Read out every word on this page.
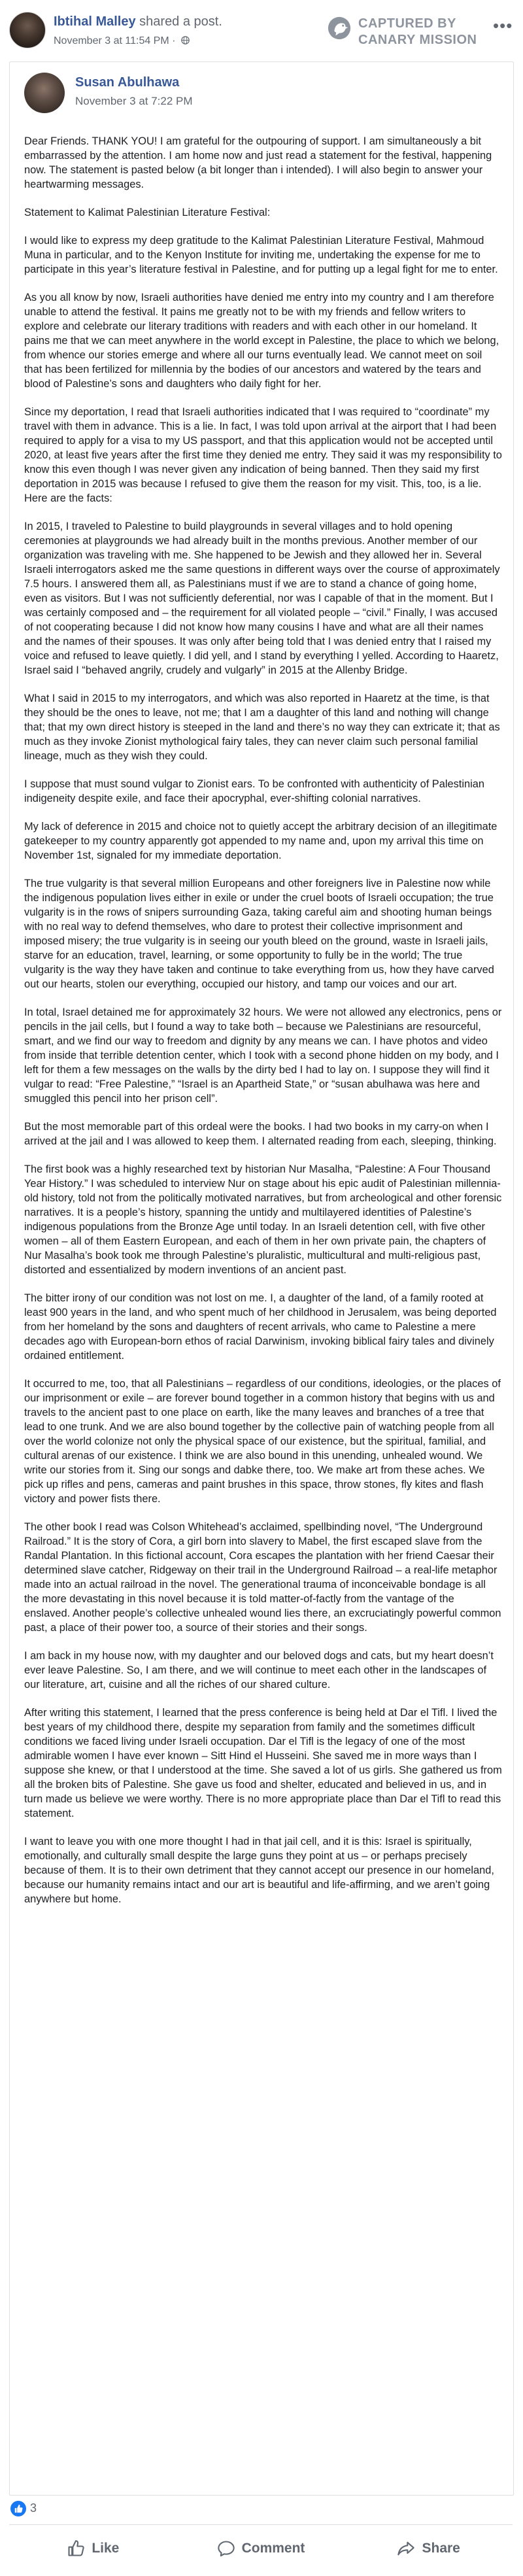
Ibtihal Malley shared a post.
November 3 at 11:54 PM ·
CAPTURED BY
CANARY MISSION
•••
Susan Abulhawa
November 3 at 7:22 PM

Dear Friends. THANK YOU! I am grateful for the outpouring of support. I am simultaneously a bit embarrassed by the attention. I am home now and just read a statement for the festival, happening now. The statement is pasted below (a bit longer than i intended). I will also begin to answer your heartwarming messages.

Statement to Kalimat Palestinian Literature Festival:

I would like to express my deep gratitude to the Kalimat Palestinian Literature Festival, Mahmoud Muna in particular, and to the Kenyon Institute for inviting me, undertaking the expense for me to participate in this year’s literature festival in Palestine, and for putting up a legal fight for me to enter.

As you all know by now, Israeli authorities have denied me entry into my country and I am therefore unable to attend the festival. It pains me greatly not to be with my friends and fellow writers to explore and celebrate our literary traditions with readers and with each other in our homeland. It pains me that we can meet anywhere in the world except in Palestine, the place to which we belong, from whence our stories emerge and where all our turns eventually lead. We cannot meet on soil that has been fertilized for millennia by the bodies of our ancestors and watered by the tears and blood of Palestine’s sons and daughters who daily fight for her.

Since my deportation, I read that Israeli authorities indicated that I was required to “coordinate” my travel with them in advance. This is a lie. In fact, I was told upon arrival at the airport that I had been required to apply for a visa to my US passport, and that this application would not be accepted until 2020, at least five years after the first time they denied me entry. They said it was my responsibility to know this even though I was never given any indication of being banned. Then they said my first deportation in 2015 was because I refused to give them the reason for my visit. This, too, is a lie. Here are the facts:

In 2015, I traveled to Palestine to build playgrounds in several villages and to hold opening ceremonies at playgrounds we had already built in the months previous. Another member of our organization was traveling with me. She happened to be Jewish and they allowed her in. Several Israeli interrogators asked me the same questions in different ways over the course of approximately 7.5 hours. I answered them all, as Palestinians must if we are to stand a chance of going home, even as visitors. But I was not sufficiently deferential, nor was I capable of that in the moment. But I was certainly composed and – the requirement for all violated people – “civil.” Finally, I was accused of not cooperating because I did not know how many cousins I have and what are all their names and the names of their spouses. It was only after being told that I was denied entry that I raised my voice and refused to leave quietly. I did yell, and I stand by everything I yelled. According to Haaretz, Israel said I “behaved angrily, crudely and vulgarly” in 2015 at the Allenby Bridge.

What I said in 2015 to my interrogators, and which was also reported in Haaretz at the time, is that they should be the ones to leave, not me; that I am a daughter of this land and nothing will change that; that my own direct history is steeped in the land and there’s no way they can extricate it; that as much as they invoke Zionist mythological fairy tales, they can never claim such personal familial lineage, much as they wish they could.

I suppose that must sound vulgar to Zionist ears. To be confronted with authenticity of Palestinian indigeneity despite exile, and face their apocryphal, ever-shifting colonial narratives.

My lack of deference in 2015 and choice not to quietly accept the arbitrary decision of an illegitimate gatekeeper to my country apparently got appended to my name and, upon my arrival this time on November 1st, signaled for my immediate deportation.

The true vulgarity is that several million Europeans and other foreigners live in Palestine now while the indigenous population lives either in exile or under the cruel boots of Israeli occupation; the true vulgarity is in the rows of snipers surrounding Gaza, taking careful aim and shooting human beings with no real way to defend themselves, who dare to protest their collective imprisonment and imposed misery; the true vulgarity is in seeing our youth bleed on the ground, waste in Israeli jails, starve for an education, travel, learning, or some opportunity to fully be in the world; The true vulgarity is the way they have taken and continue to take everything from us, how they have carved out our hearts, stolen our everything, occupied our history, and tamp our voices and our art.

In total, Israel detained me for approximately 32 hours. We were not allowed any electronics, pens or pencils in the jail cells, but I found a way to take both – because we Palestinians are resourceful, smart, and we find our way to freedom and dignity by any means we can. I have photos and video from inside that terrible detention center, which I took with a second phone hidden on my body, and I left for them a few messages on the walls by the dirty bed I had to lay on. I suppose they will find it vulgar to read: “Free Palestine,” “Israel is an Apartheid State,” or “susan abulhawa was here and smuggled this pencil into her prison cell”.

But the most memorable part of this ordeal were the books. I had two books in my carry-on when I arrived at the jail and I was allowed to keep them. I alternated reading from each, sleeping, thinking.

The first book was a highly researched text by historian Nur Masalha, “Palestine: A Four Thousand Year History.” I was scheduled to interview Nur on stage about his epic audit of Palestinian millennia-old history, told not from the politically motivated narratives, but from archeological and other forensic narratives. It is a people’s history, spanning the untidy and multilayered identities of Palestine’s indigenous populations from the Bronze Age until today. In an Israeli detention cell, with five other women – all of them Eastern European, and each of them in her own private pain, the chapters of Nur Masalha’s book took me through Palestine’s pluralistic, multicultural and multi-religious past, distorted and essentialized by modern inventions of an ancient past.

The bitter irony of our condition was not lost on me. I, a daughter of the land, of a family rooted at least 900 years in the land, and who spent much of her childhood in Jerusalem, was being deported from her homeland by the sons and daughters of recent arrivals, who came to Palestine a mere decades ago with European-born ethos of racial Darwinism, invoking biblical fairy tales and divinely ordained entitlement.

It occurred to me, too, that all Palestinians – regardless of our conditions, ideologies, or the places of our imprisonment or exile – are forever bound together in a common history that begins with us and travels to the ancient past to one place on earth, like the many leaves and branches of a tree that lead to one trunk. And we are also bound together by the collective pain of watching people from all over the world colonize not only the physical space of our existence, but the spiritual, familial, and cultural arenas of our existence. I think we are also bound in this unending, unhealed wound. We write our stories from it. Sing our songs and dabke there, too. We make art from these aches. We pick up rifles and pens, cameras and paint brushes in this space, throw stones, fly kites and flash victory and power fists there.

The other book I read was Colson Whitehead’s acclaimed, spellbinding novel, “The Underground Railroad.” It is the story of Cora, a girl born into slavery to Mabel, the first escaped slave from the Randal Plantation. In this fictional account, Cora escapes the plantation with her friend Caesar their determined slave catcher, Ridgeway on their trail in the Underground Railroad – a real-life metaphor made into an actual railroad in the novel. The generational trauma of inconceivable bondage is all the more devastating in this novel because it is told matter-of-factly from the vantage of the enslaved. Another people’s collective unhealed wound lies there, an excruciatingly powerful common past, a place of their power too, a source of their stories and their songs.

I am back in my house now, with my daughter and our beloved dogs and cats, but my heart doesn’t ever leave Palestine. So, I am there, and we will continue to meet each other in the landscapes of our literature, art, cuisine and all the riches of our shared culture.

After writing this statement, I learned that the press conference is being held at Dar el Tifl. I lived the best years of my childhood there, despite my separation from family and the sometimes difficult conditions we faced living under Israeli occupation. Dar el Tifl is the legacy of one of the most admirable women I have ever known – Sitt Hind el Husseini. She saved me in more ways than I suppose she knew, or that I understood at the time. She saved a lot of us girls. She gathered us from all the broken bits of Palestine. She gave us food and shelter, educated and believed in us, and in turn made us believe we were worthy. There is no more appropriate place than Dar el Tifl to read this statement.

I want to leave you with one more thought I had in that jail cell, and it is this: Israel is spiritually, emotionally, and culturally small despite the large guns they point at us – or perhaps precisely because of them. It is to their own detriment that they cannot accept our presence in our homeland, because our humanity remains intact and our art is beautiful and life-affirming, and we aren’t going anywhere but home.

3
Like	Comment	Share
